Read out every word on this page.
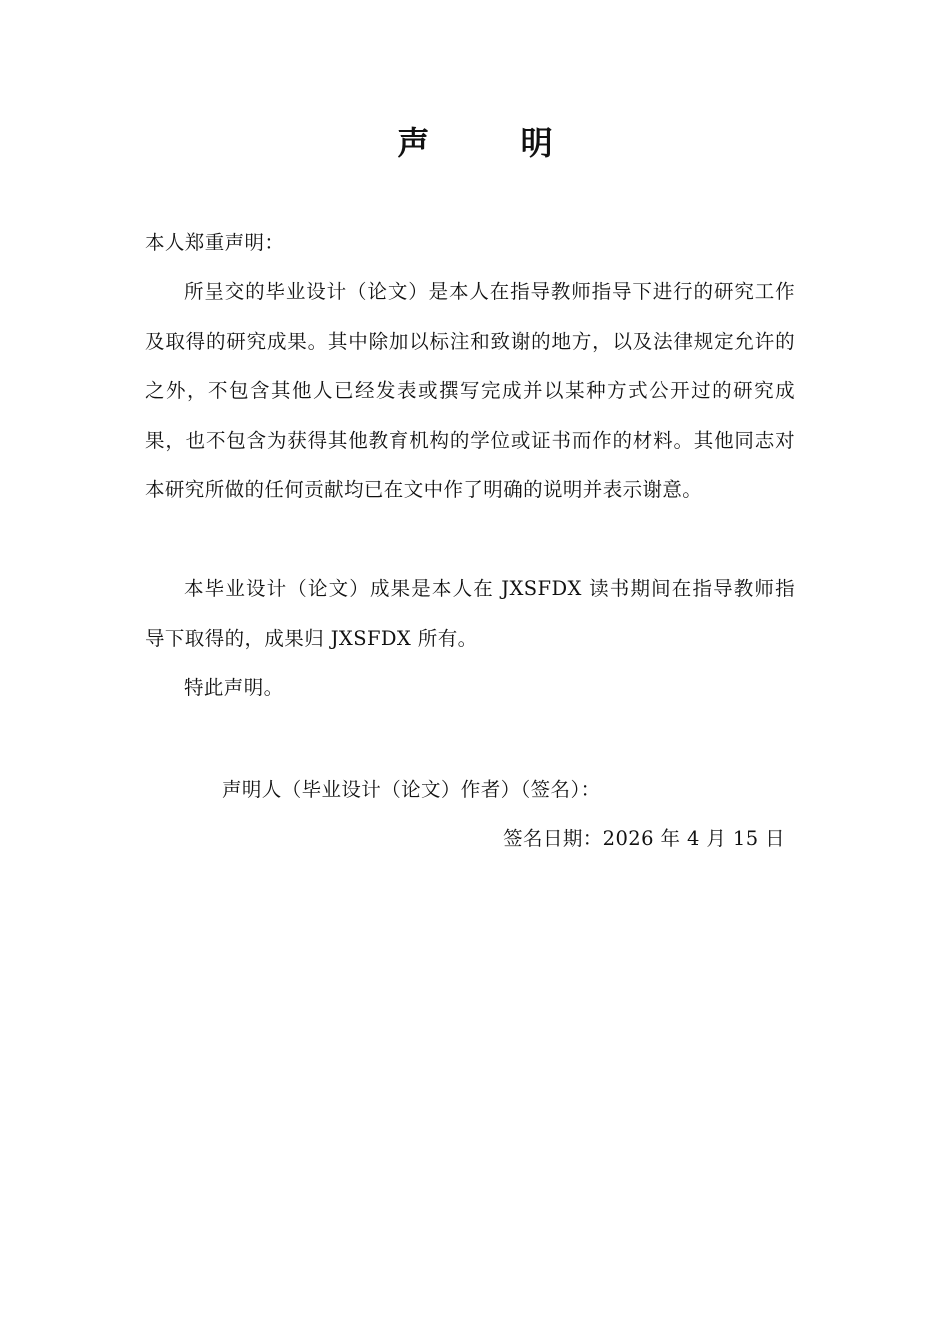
声 明
本人郑重声明：
所呈交的毕业设计（论文）是本人在指导教师指导下进行的研究工作及取得的研究成果。其中除加以标注和致谢的地方，以及法律规定允许的之外，不包含其他人已经发表或撰写完成并以某种方式公开过的研究成果，也不包含为获得其他教育机构的学位或证书而作的材料。其他同志对本研究所做的任何贡献均已在文中作了明确的说明并表示谢意。
本毕业设计（论文）成果是本人在 JXSFDX 读书期间在指导教师指导下取得的，成果归 JXSFDX 所有。
特此声明。
声明人（毕业设计（论文）作者）（签名）：
签名日期：2026 年 4 月 15 日
